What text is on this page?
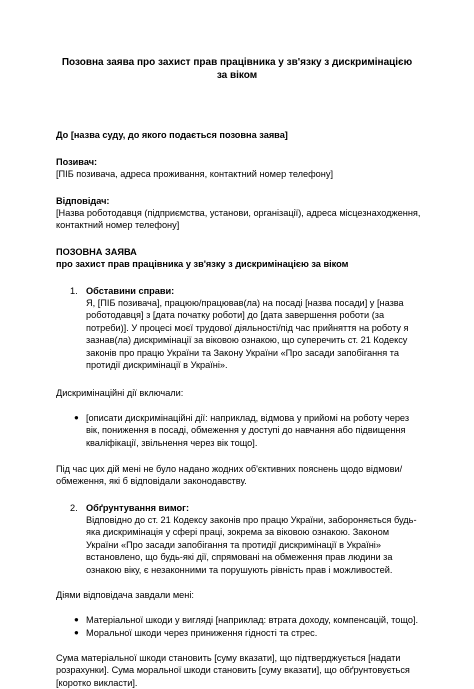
Позовна заява про захист прав працівника у зв'язку з дискримінацією за віком

До [назва суду, до якого подається позовна заява]

Позивач:

[ПІБ позивача, адреса проживання, контактний номер телефону]

Відповідач:

[Назва роботодавця (підприємства, установи, організації), адреса місцезнаходження, контактний номер телефону]

ПОЗОВНА ЗАЯВА

про захист прав працівника у зв'язку з дискримінацією за віком

1. Обставини справи:

Я, [ПІБ позивача], працюю/працював(ла) на посаді [назва посади] у [назва роботодавця] з [дата початку роботи] до [дата завершення роботи (за потреби)]. У процесі моєї трудової діяльності/під час прийняття на роботу я зазнав(ла) дискримінації за віковою ознакою, що суперечить ст. 21 Кодексу законів про працю України та Закону України «Про засади запобігання та протидії дискримінації в Україні».

Дискримінаційні дії включали:

● [описати дискримінаційні дії: наприклад, відмова у прийомі на роботу через вік, пониження в посаді, обмеження у доступі до навчання або підвищення кваліфікації, звільнення через вік тощо].

Під час цих дій мені не було надано жодних об'єктивних пояснень щодо відмови/обмеження, які б відповідали законодавству.

2. Обґрунтування вимог:

Відповідно до ст. 21 Кодексу законів про працю України, забороняється будь-яка дискримінація у сфері праці, зокрема за віковою ознакою. Законом України «Про засади запобігання та протидії дискримінації в Україні» встановлено, що будь-які дії, спрямовані на обмеження прав людини за ознакою віку, є незаконними та порушують рівність прав і можливостей.

Діями відповідача завдали мені:

● Матеріальної шкоди у вигляді [наприклад: втрата доходу, компенсацій, тощо].

● Моральної шкоди через приниження гідності та стрес.

Сума матеріальної шкоди становить [суму вказати], що підтверджується [надати розрахунки]. Сума моральної шкоди становить [суму вказати], що обґрунтовується [коротко викласти].
